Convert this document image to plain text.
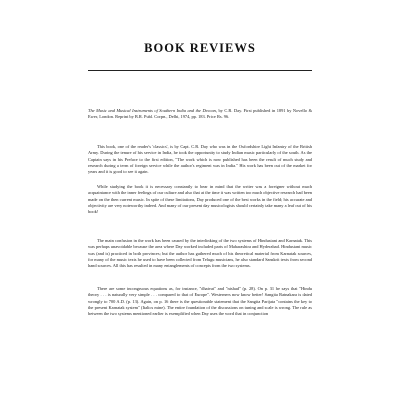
BOOK REVIEWS
The Music and Musical Instruments of Southern India and the Deccan, by C.R. Day. First published in 1891 by Novello & Ewer, London. Reprint by B.R. Publ. Corpn., Delhi, 1974, pp. 183. Price Rs. 96.

This book, one of the reader's 'classics', is by Capt. C.R. Day who was in the Oxfordshire Light Infantry of the British Army. During the tenure of his service in India, he took the opportunity to study Indian music particularly of the south. As the Captain says in his Preface to the first edition, "The work which is now published has been the result of much study and research during a term of foreign service while the author's regiment was in India." His work has been out of the market for years and it is good to see it again.

While studying the book it is necessary constantly to bear in mind that the writer was a foreigner without much acquaintance with the inner feelings of our culture and also that at the time it was written too much objective research had been made on the then current music. In spite of these limitations, Day produced one of the best works in the field; his accurate and objectivity are very noteworthy indeed. And many of our present day musicologists should certainly take many a leaf out of his book!

The main confusion in the work has been caused by the interlinking of the two systems of Hindustani and Karnatak. This was perhaps unavoidable because the area where Day worked included parts of Maharashtra and Hyderabad. Hindustani music was (and is) practiced in both provinces; but the author has gathered much of his theoretical material from Karnatak sources, for many of the music texts he used to have been collected from Telugu musicians, he also standard Sanskrit texts from second hand sources. All this has resulted in many entanglements of concepts from the two systems.

There are some incongruous equations as, for instance, "dhaivat" and "nishad" (p. 28). On p. 31 he says that "Hindu theory . . . is naturally very simple . . . compared to that of Europe". Westerners now know better! Sangita Ratnakara is dated wrongly to 700 A.D. (p. 13). Again, on p. 16 there is the questionable statement that the Sangita Parijata "contains the key to the present Karnatak system" (Italics mine). The entire foundation of the discussions on tuning and scale is wrong. The rule as between the two systems mentioned earlier is exemplified when Day uses the word that in conjunction
